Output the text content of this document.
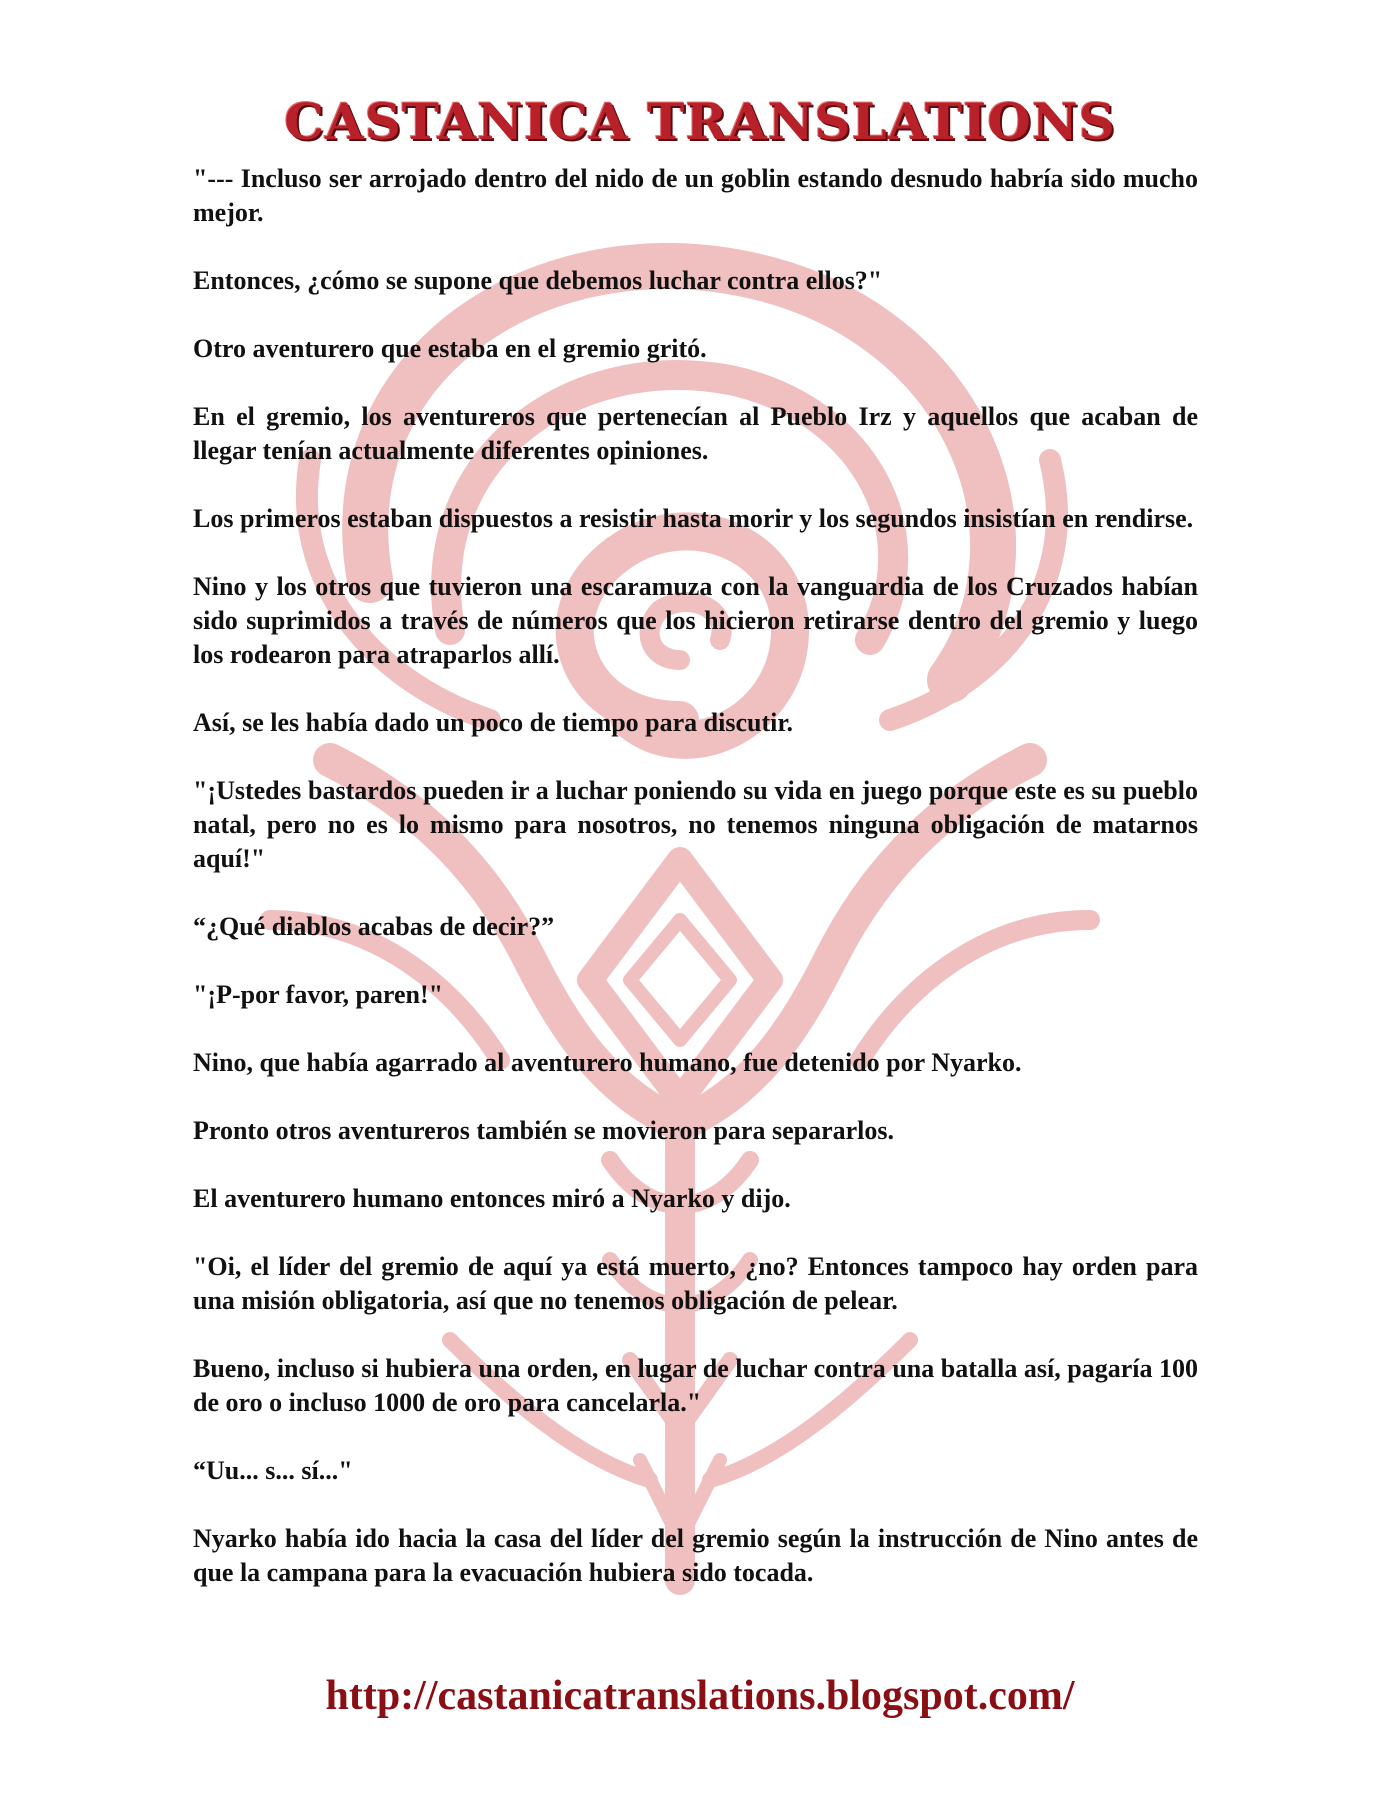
CASTANICA TRANSLATIONS

"--- Incluso ser arrojado dentro del nido de un goblin estando desnudo habría sido mucho mejor.

Entonces, ¿cómo se supone que debemos luchar contra ellos?"

Otro aventurero que estaba en el gremio gritó.

En el gremio, los aventureros que pertenecían al Pueblo Irz y aquellos que acaban de llegar tenían actualmente diferentes opiniones.

Los primeros estaban dispuestos a resistir hasta morir y los segundos insistían en rendirse.

Nino y los otros que tuvieron una escaramuza con la vanguardia de los Cruzados habían sido suprimidos a través de números que los hicieron retirarse dentro del gremio y luego los rodearon para atraparlos allí.

Así, se les había dado un poco de tiempo para discutir.

"¡Ustedes bastardos pueden ir a luchar poniendo su vida en juego porque este es su pueblo natal, pero no es lo mismo para nosotros, no tenemos ninguna obligación de matarnos aquí!"

“¿Qué diablos acabas de decir?”

"¡P-por favor, paren!"

Nino, que había agarrado al aventurero humano, fue detenido por Nyarko.

Pronto otros aventureros también se movieron para separarlos.

El aventurero humano entonces miró a Nyarko y dijo.

"Oi, el líder del gremio de aquí ya está muerto, ¿no? Entonces tampoco hay orden para una misión obligatoria, así que no tenemos obligación de pelear.

Bueno, incluso si hubiera una orden, en lugar de luchar contra una batalla así, pagaría 100 de oro o incluso 1000 de oro para cancelarla."

“Uu... s... sí..."

Nyarko había ido hacia la casa del líder del gremio según la instrucción de Nino antes de que la campana para la evacuación hubiera sido tocada.

http://castanicatranslations.blogspot.com/
